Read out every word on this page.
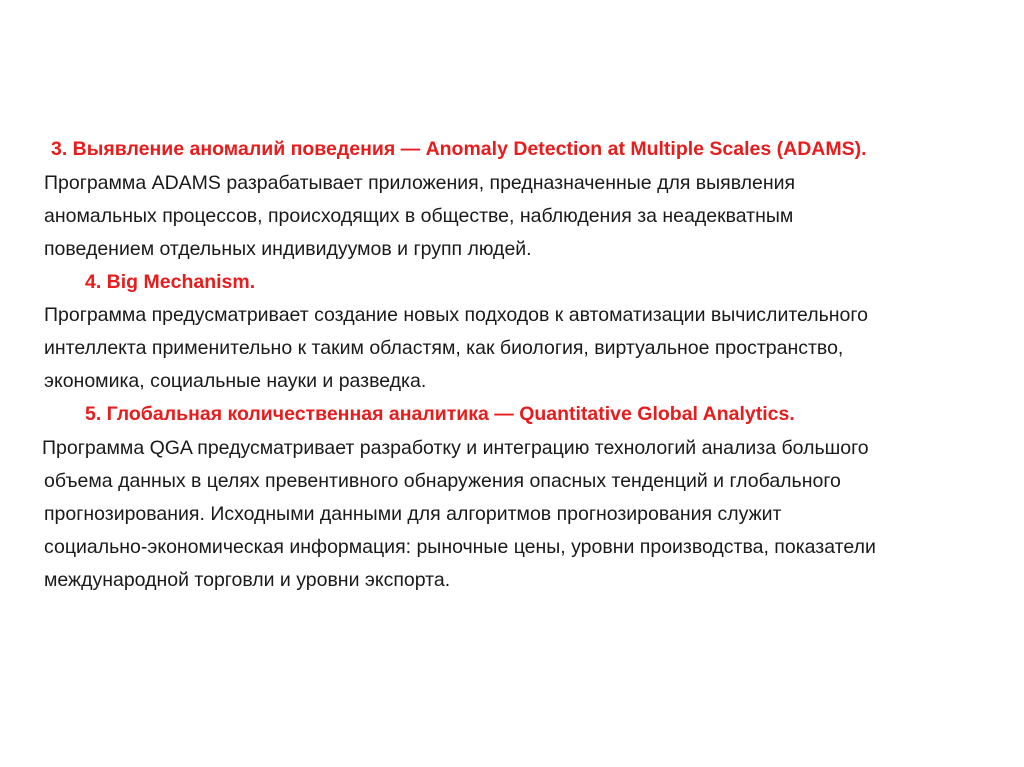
3. Выявление аномалий поведения — Anomaly Detection at Multiple Scales (ADAMS).
Программа ADAMS разрабатывает приложения, предназначенные для выявления
аномальных процессов, происходящих в обществе, наблюдения за неадекватным
поведением отдельных индивидуумов и групп людей.
4. Big Mechanism.
Программа предусматривает создание новых подходов к автоматизации вычислительного
интеллекта применительно к таким областям, как биология, виртуальное пространство,
экономика, социальные науки и разведка.
5. Глобальная количественная аналитика — Quantitative Global Analytics.
Программа QGA предусматривает разработку и интеграцию технологий анализа большого
объема данных в целях превентивного обнаружения опасных тенденций и глобального
прогнозирования. Исходными данными для алгоритмов прогнозирования служит
социально-экономическая информация: рыночные цены, уровни производства, показатели
международной торговли и уровни экспорта.
